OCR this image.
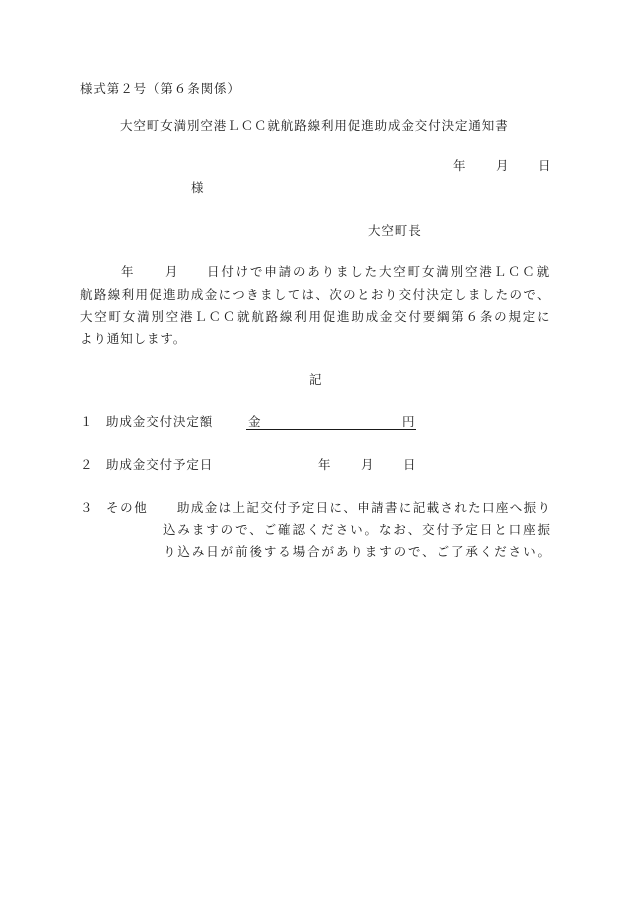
様式第２号（第６条関係）
大空町女満別空港ＬＣＣ就航路線利用促進助成金交付決定通知書
年 月 日
様
大空町長
年	月 日付けで申請のありました大空町女満別空港ＬＣＣ就
航路線利用促進助成金につきましては、次のとおり交付決定しましたので、
大空町女満別空港ＬＣＣ就航路線利用促進助成金交付要綱第６条の規定に
より通知します。
記
１ 助成金交付決定額	金	円
２ 助成金交付予定日	年 月 日
３ その他 助成金は上記交付予定日に、申請書に記載された口座へ振り
込みますので、ご確認ください。なお、交付予定日と口座振
り込み日が前後する場合がありますので、ご了承ください。
